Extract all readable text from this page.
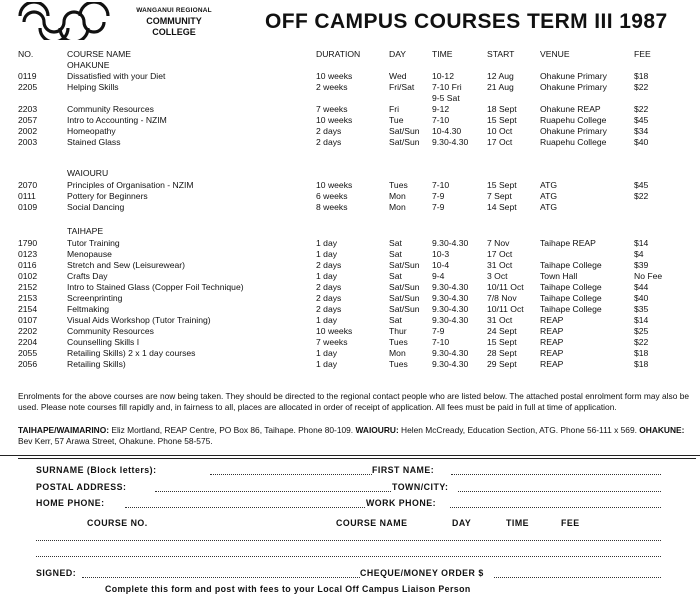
WANGANUI REGIONAL
COMMUNITY
COLLEGE	OFF CAMPUS COURSES TERM III 1987
NO.	COURSE NAME	DURATION	DAY	TIME	START	VENUE	FEE
OHAKUNE
0119	Dissatisfied with your Diet	10 weeks	Wed	10-12	12 Aug	Ohakune Primary	$18
2205	Helping Skills	2 weeks	Fri/Sat	7-10 Fri	21 Aug	Ohakune Primary	$22
				9-5 Sat			
2203	Community Resources	7 weeks	Fri	9-12	18 Sept	Ohakune REAP	$22
2057	Intro to Accounting - NZIM	10 weeks	Tue	7-10	15 Sept	Ruapehu College	$45
2002	Homeopathy	2 days	Sat/Sun	10-4.30	10 Oct	Ohakune Primary	$34
2003	Stained Glass	2 days	Sat/Sun	9.30-4.30	17 Oct	Ruapehu College	$40
WAIOURU
2070	Principles of Organisation - NZIM	10 weeks	Tues	7-10	15 Sept	ATG	$45
0111	Pottery for Beginners	6 weeks	Mon	7-9	7 Sept	ATG	$22
0109	Social Dancing	8 weeks	Mon	7-9	14 Sept	ATG	
TAIHAPE
1790	Tutor Training	1 day	Sat	9.30-4.30	7 Nov	Taihape REAP	$14
0123	Menopause	1 day	Sat	10-3	17 Oct		$4
0116	Stretch and Sew (Leisurewear)	2 days	Sat/Sun	10-4	31 Oct	Taihape College	$39
0102	Crafts Day	1 day	Sat	9-4	3 Oct	Town Hall	No Fee
2152	Intro to Stained Glass (Copper Foil Technique)	2 days	Sat/Sun	9.30-4.30	10/11 Oct	Taihape College	$44
2153	Screenprinting	2 days	Sat/Sun	9.30-4.30	7/8 Nov	Taihape College	$40
2154	Feltmaking	2 days	Sat/Sun	9.30-4.30	10/11 Oct	Taihape College	$35
0107	Visual Aids Workshop (Tutor Training)	1 day	Sat	9.30-4.30	31 Oct	REAP	$14
2202	Community Resources	10 weeks	Thur	7-9	24 Sept	REAP	$25
2204	Counselling Skills I	7 weeks	Tues	7-10	15 Sept	REAP	$22
2055	Retailing Skills) 2 x 1 day courses	1 day	Mon	9.30-4.30	28 Sept	REAP	$18
2056	Retailing Skills)	1 day	Tues	9.30-4.30	29 Sept	REAP	$18
Enrolments for the above courses are now being taken. They should be directed to the regional contact people who are listed below. The attached postal enrolment form may also be used. Please note courses fill rapidly and, in fairness to all, places are allocated in order of receipt of application. All fees must be paid in full at time of application.
TAIHAPE/WAIMARINO: Eliz Mortland, REAP Centre, PO Box 86, Taihape. Phone 80-109. WAIOURU: Helen McCready, Education Section, ATG. Phone 56-111 x 569. OHAKUNE: Bev Kerr, 57 Arawa Street, Ohakune. Phone 58-575.
SURNAME (Block letters):	FIRST NAME:
POSTAL ADDRESS:	TOWN/CITY:
HOME PHONE:	WORK PHONE:
COURSE NO.	COURSE NAME	DAY	TIME	FEE
SIGNED:	CHEQUE/MONEY ORDER $
Complete this form and post with fees to your Local Off Campus Liaison Person
